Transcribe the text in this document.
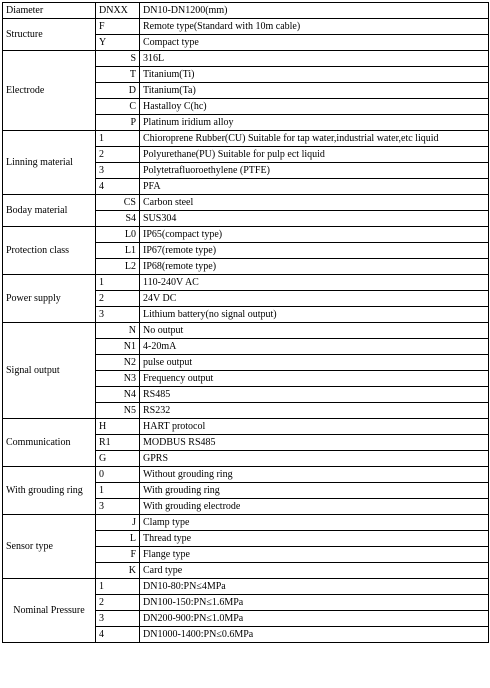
Diameter	DNXX	DN10-DN1200(mm)
Structure	F	Remote type(Standard with 10m cable)
	Y	Compact type
Electrode	S	316L
	T	Titanium(Ti)
	D	Titanium(Ta)
	C	Hastalloy C(hc)
	P	Platinum iridium alloy
Linning material	1	Chioroprene Rubber(CU) Suitable for tap water,industrial water,etc liquid
	2	Polyurethane(PU) Suitable for pulp ect liquid
	3	Polytetrafluoroethylene (PTFE)
	4	PFA
Boday material	CS	Carbon steel
	S4	SUS304
Protection class	L0	IP65(compact type)
	L1	IP67(remote type)
	L2	IP68(remote type)
Power supply	1	110-240V AC
	2	24V DC
	3	Lithium battery(no signal output)
Signal output	N	No output
	N1	4-20mA
	N2	pulse output
	N3	Frequency output
	N4	RS485
	N5	RS232
Communication	H	HART protocol
	R1	MODBUS RS485
	G	GPRS
With grouding ring	0	Without grouding ring
	1	With grouding ring
	3	With grouding electrode
Sensor type	J	Clamp type
	L	Thread type
	F	Flange type
	K	Card type
Nominal Pressure	1	DN10-80:PN≤4MPa
	2	DN100-150:PN≤1.6MPa
	3	DN200-900:PN≤1.0MPa
	4	DN1000-1400:PN≤0.6MPa
